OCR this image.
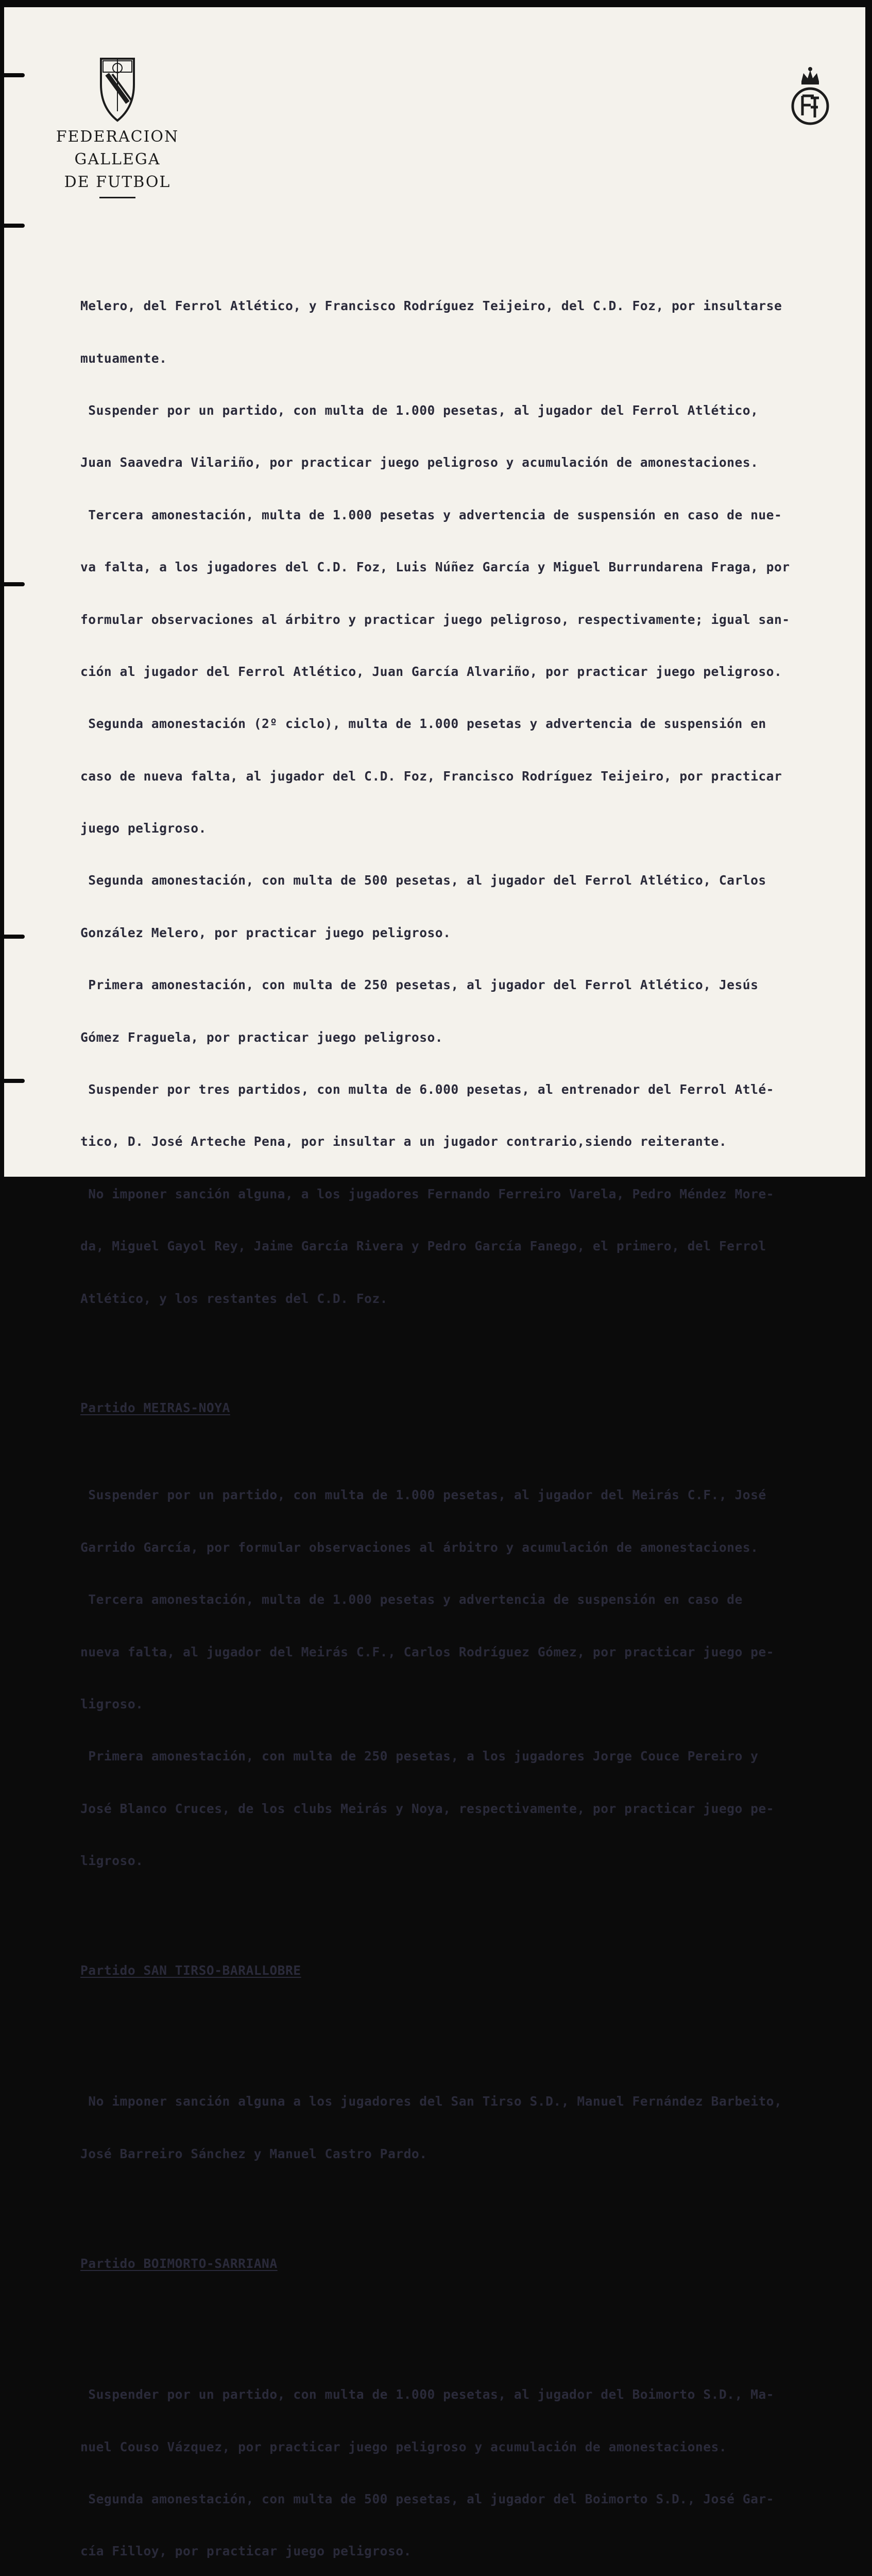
FEDERACION GALLEGA
DE FUTBOL

Melero, del Ferrol Atlético, y Francisco Rodríguez Teijeiro, del C.D. Foz, por insultarse

mutuamente.

Suspender por un partido, con multa de 1.000 pesetas, al jugador del Ferrol Atlético,

Juan Saavedra Vilariño, por practicar juego peligroso y acumulación de amonestaciones.

Tercera amonestación, multa de 1.000 pesetas y advertencia de suspensión en caso de nue-

va falta, a los jugadores del C.D. Foz, Luis Núñez García y Miguel Burrundarena Fraga, por

formular observaciones al árbitro y practicar juego peligroso, respectivamente; igual san-

ción al jugador del Ferrol Atlético, Juan García Alvariño, por practicar juego peligroso.

Segunda amonestación (2º ciclo), multa de 1.000 pesetas y advertencia de suspensión en

caso de nueva falta, al jugador del C.D. Foz, Francisco Rodríguez Teijeiro, por practicar

juego peligroso.

Segunda amonestación, con multa de 500 pesetas, al jugador del Ferrol Atlético, Carlos

González Melero, por practicar juego peligroso.

Primera amonestación, con multa de 250 pesetas, al jugador del Ferrol Atlético, Jesús

Gómez Fraguela, por practicar juego peligroso.

Suspender por tres partidos, con multa de 6.000 pesetas, al entrenador del Ferrol Atlé-

tico, D. José Arteche Pena, por insultar a un jugador contrario,siendo reiterante.

No imponer sanción alguna, a los jugadores Fernando Ferreiro Varela, Pedro Méndez More-

da, Miguel Gayol Rey, Jaime García Rivera y Pedro García Fanego, el primero, del Ferrol

Atlético, y los restantes del C.D. Foz.

Partido MEIRAS-NOYA

Suspender por un partido, con multa de 1.000 pesetas, al jugador del Meirás C.F., José

Garrido García, por formular observaciones al árbitro y acumulación de amonestaciones.

Tercera amonestación, multa de 1.000 pesetas y advertencia de suspensión en caso de

nueva falta, al jugador del Meirás C.F., Carlos Rodríguez Gómez, por practicar juego pe-

ligroso.

Primera amonestación, con multa de 250 pesetas, a los jugadores Jorge Couce Pereiro y

José Blanco Cruces, de los clubs Meirás y Noya, respectivamente, por practicar juego pe-

ligroso.

Partido SAN TIRSO-BARALLOBRE

No imponer sanción alguna a los jugadores del San Tirso S.D., Manuel Fernández Barbeito,

José Barreiro Sánchez y Manuel Castro Pardo.

Partido BOIMORTO-SARRIANA

Suspender por un partido, con multa de 1.000 pesetas, al jugador del Boimorto S.D., Ma-

nuel Couso Vázquez, por practicar juego peligroso y acumulación de amonestaciones.

Segunda amonestación, con multa de 500 pesetas, al jugador del Boimorto S.D., José Gar-

cía Filloy, por practicar juego peligroso.
